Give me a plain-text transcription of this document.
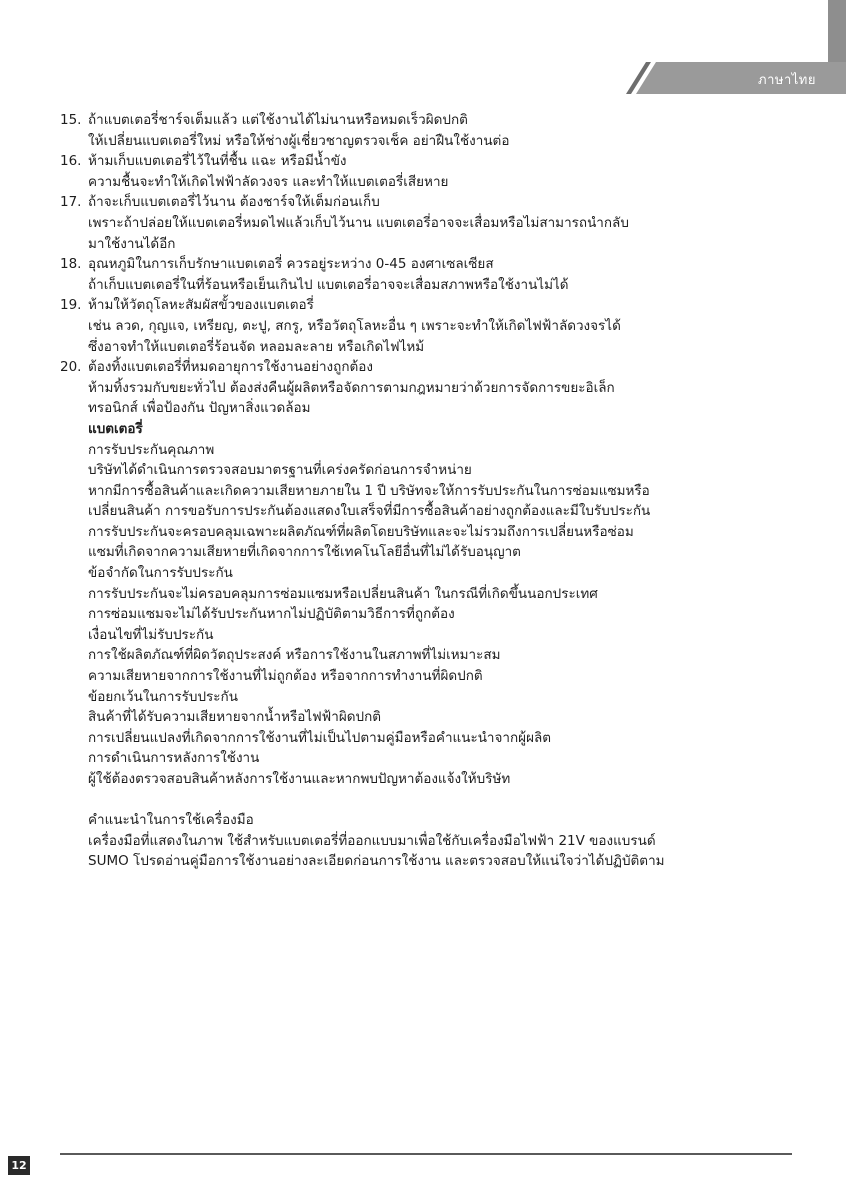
ภาษาไทย
15. ถ้าแบตเตอรี่ชาร์จเต็มแล้ว แต่ใช้งานได้ไม่นานหรือหมดเร็วผิดปกติ
ให้เปลี่ยนแบตเตอรี่ใหม่ หรือให้ช่างผู้เชี่ยวชาญตรวจเช็ค อย่าฝืนใช้งานต่อ
16. ห้ามเก็บแบตเตอรี่ไว้ในที่ชื้น แฉะ หรือมีน้ำขัง
ความชื้นจะทำให้เกิดไฟฟ้าลัดวงจร และทำให้แบตเตอรี่เสียหาย
17. ถ้าจะเก็บแบตเตอรี่ไว้นาน ต้องชาร์จให้เต็มก่อนเก็บ
เพราะถ้าปล่อยให้แบตเตอรี่หมดไฟแล้วเก็บไว้นาน แบตเตอรี่อาจจะเสื่อมหรือไม่สามารถนำกลับ
มาใช้งานได้อีก
18. อุณหภูมิในการเก็บรักษาแบตเตอรี่ ควรอยู่ระหว่าง 0-45 องศาเซลเซียส
ถ้าเก็บแบตเตอรี่ในที่ร้อนหรือเย็นเกินไป แบตเตอรี่อาจจะเสื่อมสภาพหรือใช้งานไม่ได้
19. ห้ามให้วัตถุโลหะสัมผัสขั้วของแบตเตอรี่
เช่น ลวด, กุญแจ, เหรียญ, ตะปู, สกรู, หรือวัตถุโลหะอื่น ๆ เพราะจะทำให้เกิดไฟฟ้าลัดวงจรได้
ซึ่งอาจทำให้แบตเตอรี่ร้อนจัด หลอมละลาย หรือเกิดไฟไหม้
20. ต้องทิ้งแบตเตอรี่ที่หมดอายุการใช้งานอย่างถูกต้อง
ห้ามทิ้งรวมกับขยะทั่วไป ต้องส่งคืนผู้ผลิตหรือจัดการตามกฎหมายว่าด้วยการจัดการขยะอิเล็ก
ทรอนิกส์ เพื่อป้องกัน ปัญหาสิ่งแวดล้อม
แบตเตอรี่
การรับประกันคุณภาพ
บริษัทได้ดำเนินการตรวจสอบมาตรฐานที่เคร่งครัดก่อนการจำหน่าย
หากมีการซื้อสินค้าและเกิดความเสียหายภายใน 1 ปี บริษัทจะให้การรับประกันในการซ่อมแซมหรือ
เปลี่ยนสินค้า การขอรับการประกันต้องแสดงใบเสร็จที่มีการซื้อสินค้าอย่างถูกต้องและมีใบรับประกัน
การรับประกันจะครอบคลุมเฉพาะผลิตภัณฑ์ที่ผลิตโดยบริษัทและจะไม่รวมถึงการเปลี่ยนหรือซ่อม
แซมที่เกิดจากความเสียหายที่เกิดจากการใช้เทคโนโลยีอื่นที่ไม่ได้รับอนุญาต
ข้อจำกัดในการรับประกัน
การรับประกันจะไม่ครอบคลุมการซ่อมแซมหรือเปลี่ยนสินค้า ในกรณีที่เกิดขึ้นนอกประเทศ
การซ่อมแซมจะไม่ได้รับประกันหากไม่ปฏิบัติตามวิธีการที่ถูกต้อง
เงื่อนไขที่ไม่รับประกัน
การใช้ผลิตภัณฑ์ที่ผิดวัตถุประสงค์ หรือการใช้งานในสภาพที่ไม่เหมาะสม
ความเสียหายจากการใช้งานที่ไม่ถูกต้อง หรือจากการทำงานที่ผิดปกติ
ข้อยกเว้นในการรับประกัน
สินค้าที่ได้รับความเสียหายจากน้ำหรือไฟฟ้าผิดปกติ
การเปลี่ยนแปลงที่เกิดจากการใช้งานที่ไม่เป็นไปตามคู่มือหรือคำแนะนำจากผู้ผลิต
การดำเนินการหลังการใช้งาน
ผู้ใช้ต้องตรวจสอบสินค้าหลังการใช้งานและหากพบปัญหาต้องแจ้งให้บริษัท
คำแนะนำในการใช้เครื่องมือ
เครื่องมือที่แสดงในภาพ ใช้สำหรับแบตเตอรี่ที่ออกแบบมาเพื่อใช้กับเครื่องมือไฟฟ้า 21V ของแบรนด์
SUMO โปรดอ่านคู่มือการใช้งานอย่างละเอียดก่อนการใช้งาน และตรวจสอบให้แน่ใจว่าได้ปฏิบัติตาม
12
